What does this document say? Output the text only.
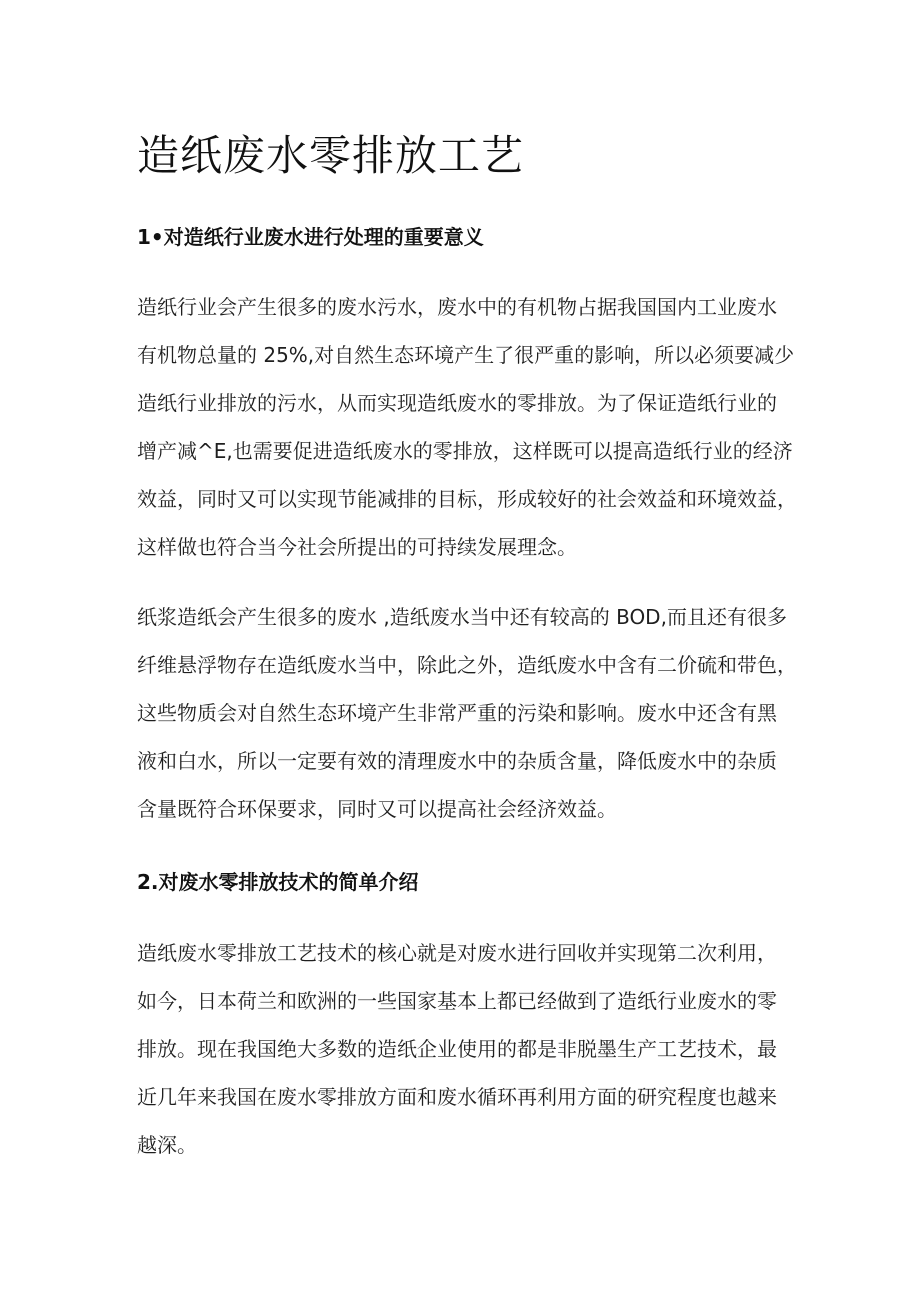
造纸废水零排放工艺
1•对造纸行业废水进行处理的重要意义
造纸行业会产生很多的废水污水，废水中的有机物占据我国国内工业废水
有机物总量的 25%,对自然生态环境产生了很严重的影响，所以必须要减少
造纸行业排放的污水，从而实现造纸废水的零排放。为了保证造纸行业的
增产减^E,也需要促进造纸废水的零排放，这样既可以提高造纸行业的经济
效益，同时又可以实现节能减排的目标，形成较好的社会效益和环境效益，
这样做也符合当今社会所提出的可持续发展理念。
纸浆造纸会产生很多的废水 ,造纸废水当中还有较高的 BOD,而且还有很多
纤维悬浮物存在造纸废水当中，除此之外，造纸废水中含有二价硫和带色，
这些物质会对自然生态环境产生非常严重的污染和影响。废水中还含有黑
液和白水，所以一定要有效的清理废水中的杂质含量，降低废水中的杂质
含量既符合环保要求，同时又可以提高社会经济效益。
2.对废水零排放技术的简单介绍
造纸废水零排放工艺技术的核心就是对废水进行回收并实现第二次利用，
如今，日本荷兰和欧洲的一些国家基本上都已经做到了造纸行业废水的零
排放。现在我国绝大多数的造纸企业使用的都是非脱墨生产工艺技术，最
近几年来我国在废水零排放方面和废水循环再利用方面的研究程度也越来
越深。
